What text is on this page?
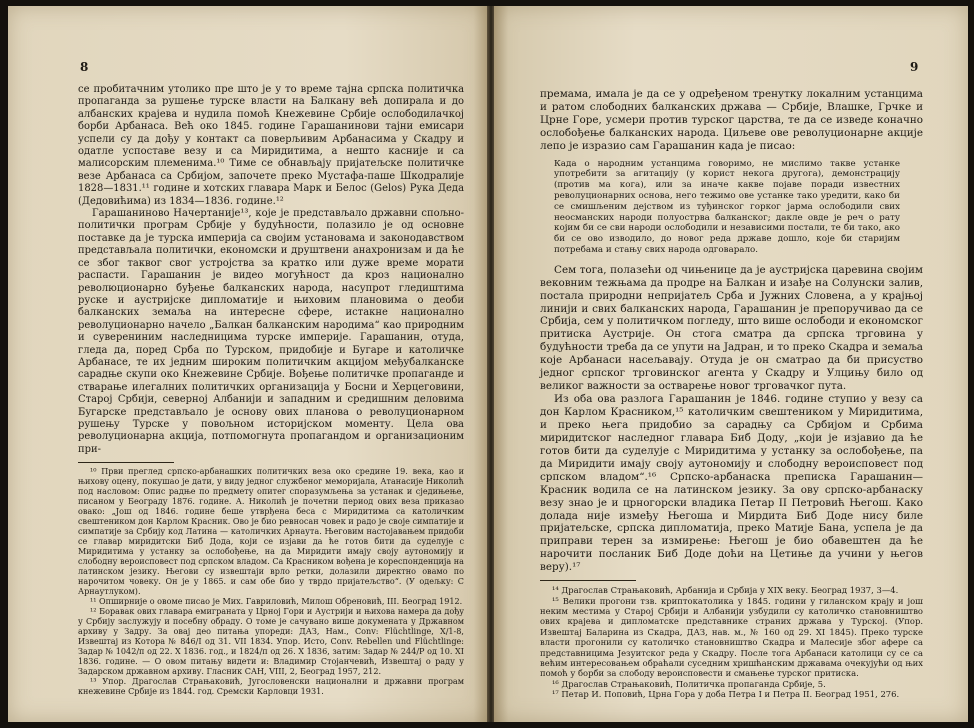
8

се пробитачним утолико пре што је у то време тајна српска политичка пропаганда за рушење турске власти на Балкану већ допирала и до албанских крајева и нудила помоћ Кнежевине Србије ослободилачкој борби Арбанаса. Већ око 1845. године Гарашанинови тајни емисари успели су да дођу у контакт са поверљивим Арбанасима у Скадру и одатле успоставе везу и са Миридитима, а нешто касније и са малисорским племенима.¹⁰ Тиме се обнављају пријатељске политичке везе Арбанаса са Србијом, започете преко Мустафа-паше Шкодралије 1828—1831.¹¹ године и хотских главара Марк и Белос (Gelos) Рука Деда (Дедовићима) из 1834—1836. године.¹²

Гарашаниново Начертаније¹³, које је представљало државни спољно-политички програм Србије у будућности, полазило је од основне поставке да је турска империја са својим установама и законодавством представљала политички, економски и друштвени анахронизам и да ће се због таквог свог устројства за кратко или дуже време морати распасти. Гарашанин је видео могућност да кроз национално революционарно буђење балканских народа, насупрот гледиштима руске и аустријске дипломатије и њиховим плановима о деоби балканских земаља на интересне сфере, истакне национално револуционарно начело „Балкан балканским народима“ као природним и суверениним наследницима турске империје. Гарашанин, отуда, гледа да, поред Срба по Турском, придобије и Бугаре и католичке Арбанасе, те их једним широким политичким акцијом међубалканске сарадње скупи око Кнежевине Србије. Вођење политичке пропаганде и стварање илегалних политичких организација у Босни и Херцеговини, Старој Србији, северној Албанији и западним и средишним деловима Бугарске представљало је основу ових планова о револуционарном рушењу Турске у повољном историјском моменту. Цела ова револуционарна акција, потпомогнута пропагандом и организационим при-

¹⁰ Први преглед српско-арбанашких политичких веза око средине 19. века, као и њихову оцену, покушао је дати, у виду једног службеног меморијала, Атанасије Николић под насловом: Опис радње по предмету опитег спорaзумљења за устанак и сједињење, писаном у Београду 1876. године. А. Николић је почетни период ових веза приказао овако: „Још од 1846. године беше утврђена беса с Миридитима са католичким свештеником дон Карлом Красник. Ово је био ревносан човек и радо је своје симпатије и симпатије за Србију код Латина — католичких Арнаута. Његовим настојавањем придоби се главар миридитски Биб Дода, који се изјави да ће готов бити да суделује с Миридитима у устанку за ослобођење, на да Миридити имају своју аутономију и слободну вероисповест под српском владом. Са Красником вођена је кореспонденција на латинском језику. Његови су извештаји врло ретки, долазили директно овамо по нарочитом човеку. Он је у 1865. и сам обе био у тврдо пријатељство“. (У одељку: С Арнаутлуком).

¹¹ Опширније о овоме писао је Мих. Гавриловић, Милош Обреновић, III. Београд 1912.

¹² Боравак ових главара емиграната у Црној Гори и Аустрији и њихова намера да дођу у Србију заслужују и посебну обраду. О томе је сачувано више докумената у Државном архиву у Задру. За овај део питања упореди: ДАЗ, Нам., Conv: Flüchtlinge, X/1-8, Извештај из Котора № 846/I од 31. VII 1834. Упор. Исто, Conv. Rebellen und Flüchtlinge: Задар № 1042/п од 22. X 1836. год., и 1824/п од 26. X 1836, затим: Задар № 244/Р од 10. XI 1836. године. — О овом питању видети и: Владимир Стојанчевић, Извештај о раду у Задарском државном архиву. Гласник САН, VIII, 2, Београд 1957, 212.

¹³ Упор. Драгослав Страњаковић, Југословенски национални и државни програм кнежевине Србије из 1844. год. Сремски Карловци 1931.

9

премама, имала је да се у одређеном тренутку локалним устанцима и ратом слободних балканских држава — Србије, Влашке, Грчке и Црне Горе, усмери против турског царства, те да се изведе коначно ослобођење балканских народа. Циљеве ове револуционарне акције лепо је изразио сам Гарашанин када је писао:

Када о народним устанцима говоримо, не мислимо такве устанке употребити за агитацију (у корист некога другога), демонстрацију (против ма кога), или за иначе какве појаве поради известних револуционарних основа, него тежимо ове устанке тако уредити, како би се смишљеним дејством из туђинског горког јарма ослободили свих неосманских народи полуострва балканског; дакле овде је реч о рату којим би се сви народи ослободили и независими постали, те би тако, ако би се ово изводило, до новог реда државе дошло, које би старијим потребама и стању свих народа одговарало.

Сем тога, полазећи од чињенице да је аустријска царевина својим вековним тежњама да продре на Балкан и изађе на Солунски залив, постала природни непријатељ Срба и Јужних Словена, а у крајњој линији и свих балканских народа, Гарашанин је препоручивао да се Србија, сем у политичком погледу, што више ослободи и економског притиска Аустрије. Он стога сматра да српска трговина у будућности треба да се упути на Јадран, и то преко Скадра и земаља које Арбанаси насељавају. Отуда је он сматрао да би присуство једног српског трговинског агента у Скадру и Улцињу било од великог важности за остварење новог трговачког пута.

Из оба ова разлога Гарашанин је 1846. године ступио у везу са дон Карлом Красником,¹⁵ католичким свештеником у Миридитима, и преко њега придобио за сарадњу са Србијом и Србима миридитског наследног главара Биб Доду, „који је изјавио да ће готов бити да суделује с Миридитима у устанку за ослобођење, па да Миридити имају своју аутономију и слободну вероисповест под српском владом“.¹⁶ Српско-арбанаска преписка Гарашанин—Красник водила се на латинском језику. За ову српско-арбанаску везу знао је и црногорски владика Петар II Петровић Његош. Како долада није између Његоша и Мирдита Биб Доде нису биле пријатељске, српска дипломатија, преко Матије Бана, успела је да приправи терен за измирење: Његош је био обавештен да ће нарочити посланик Биб Доде доћи на Цетиње да учини у његов веру).¹⁷

¹⁴ Драгослав Страњаковић, Арбанија и Србија у XIX веку. Београд 1937, 3—4.

¹⁵ Велики прогони тзв. криптокатолика у 1845. години у гиланском крају и још неким местима у Старој Србији и Албанији узбудили су католичко становништво ових крајева и дипломатске представнике страних држава у Турској. (Упор. Извештај Баларина из Скадра, ДАЗ, нав. м., № 160 од 29. XI 1845). Преко турске власти прогонили су католичко становништво Скадра и Малесије због аферe са представницима Језуитског реда у Скадру. После тога Арбанаси католици су се са већим интересовањем обраћали суседним хришћанским државама очекујући од њих помоћ у борби за слободу вероисповести и смањење турског притиска.

¹⁶ Драгослав Страњаковић, Политичка пропаганда Србије, 5.

¹⁷ Петар И. Поповић, Црна Гора у доба Петра I и Петра II. Београд 1951, 276.
